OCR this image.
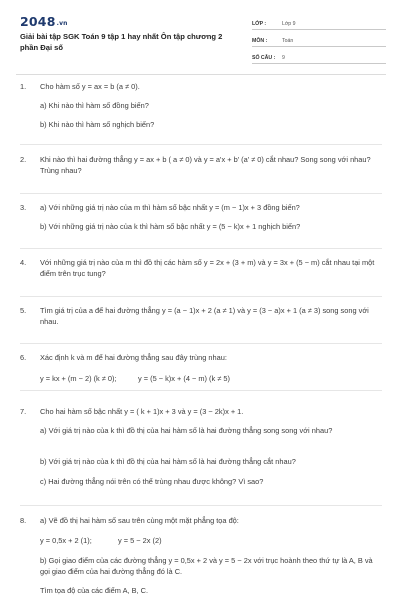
2048.vn
Giải bài tập SGK Toán 9 tập 1 hay nhất Ôn tập chương 2 phần Đại số
LỚP :	Lớp 9
MÔN :	Toán
SỐ CÂU :	9
1.	Cho hàm số y = ax = b (a ≠ 0).
a) Khi nào thì hàm số đồng biến?
b) Khi nào thì hàm số nghịch biến?
2.	Khi nào thì hai đường thẳng y = ax + b ( a ≠ 0) và y = a'x + b' (a' ≠ 0) cắt nhau? Song song với nhau? Trùng nhau?
3.	a) Với những giá trị nào của m thì hàm số bậc nhất y = (m − 1)x + 3 đồng biến?
b) Với những giá trị nào của k thì hàm số bậc nhất y = (5 − k)x + 1 nghịch biến?
4.	Với những giá trị nào của m thì đồ thị các hàm số y = 2x + (3 + m) và y = 3x + (5 − m) cắt nhau tại một điểm trên trục tung?
5.	Tìm giá trị của a để hai đường thẳng y = (a − 1)x + 2 (a ≠ 1) và y = (3 − a)x + 1 (a ≠ 3) song song với nhau.
6.	Xác định k và m để hai đường thẳng sau đây trùng nhau:
y = kx + (m − 2) (k ≠ 0);	y = (5 − k)x + (4 − m) (k ≠ 5)
7.	Cho hai hàm số bậc nhất y = ( k + 1)x + 3 và y = (3 − 2k)x + 1.
a) Với giá trị nào của k thì đồ thị của hai hàm số là hai đường thẳng song song với nhau?
b) Với giá trị nào của k thì đồ thị của hai hàm số là hai đường thẳng cắt nhau?
c) Hai đường thẳng nói trên có thể trùng nhau được không? Vì sao?
8.	a) Vẽ đồ thị hai hàm số sau trên cùng một mặt phẳng tọa độ:
y = 0,5x + 2 (1);	y = 5 − 2x (2)
b) Gọi giao điểm của các đường thẳng y = 0,5x + 2 và y = 5 − 2x với trục hoành theo thứ tự là A, B và gọi giao điểm của hai đường thẳng đó là C.
Tìm tọa độ của các điểm A, B, C.
